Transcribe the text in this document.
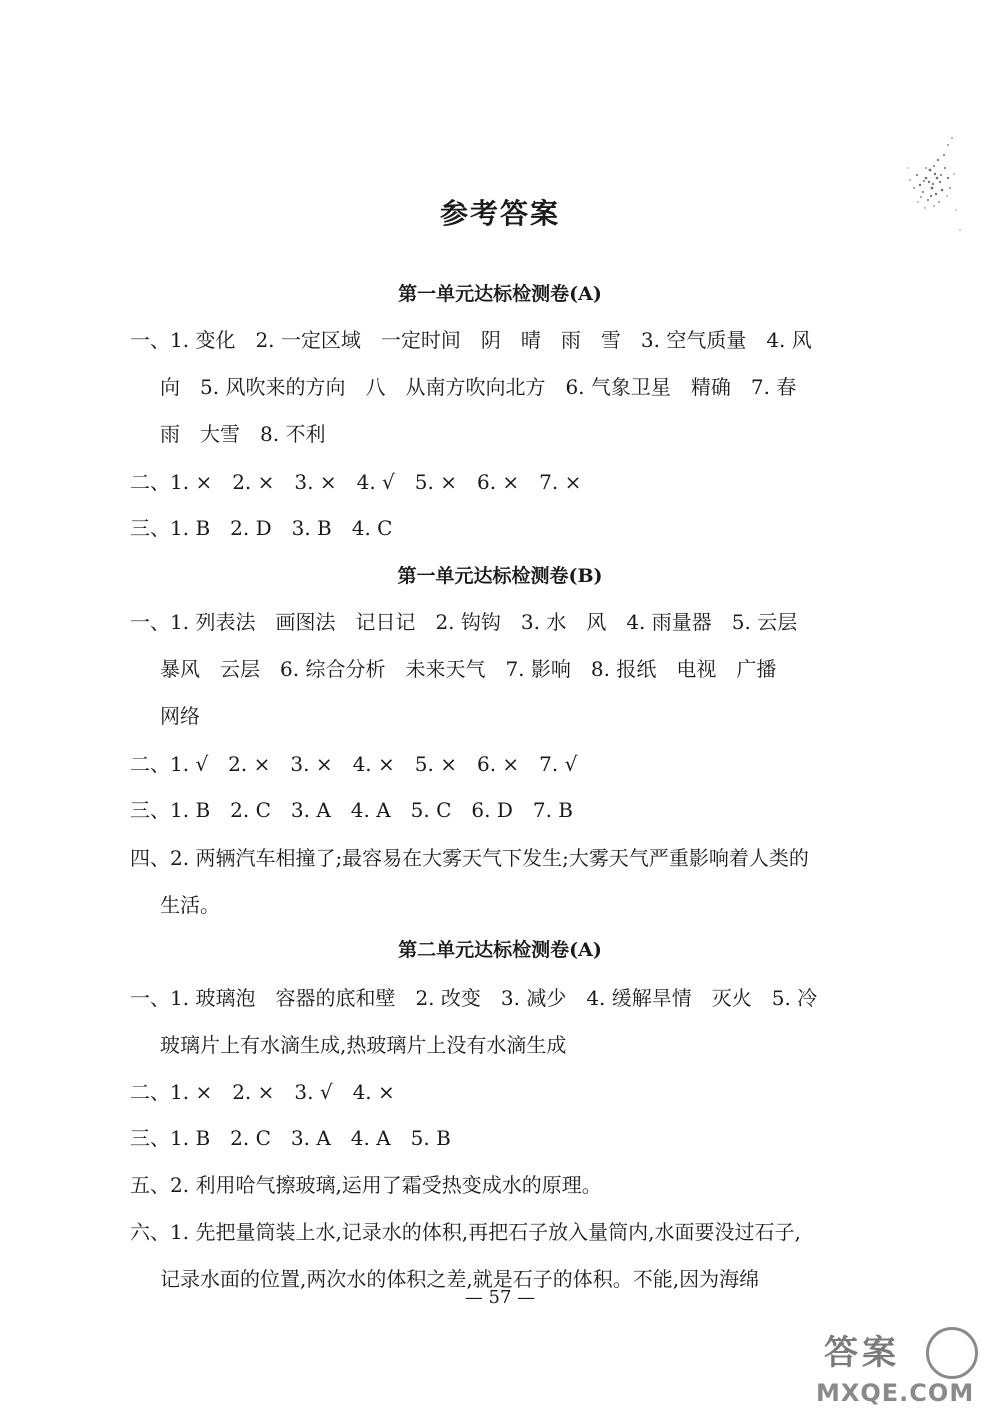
参考答案
第一单元达标检测卷(A)
一、1. 变化　2. 一定区域　一定时间　阴　晴　雨　雪　3. 空气质量　4. 风
向　5. 风吹来的方向　八　从南方吹向北方　6. 气象卫星　精确　7. 春
雨　大雪　8. 不利
二、1. ×　2. ×　3. ×　4. √　5. ×　6. ×　7. ×
三、1. B　2. D　3. B　4. C
第一单元达标检测卷(B)
一、1. 列表法　画图法　记日记　2. 钩钩　3. 水　风　4. 雨量器　5. 云层
暴风　云层　6. 综合分析　未来天气　7. 影响　8. 报纸　电视　广播
网络
二、1. √　2. ×　3. ×　4. ×　5. ×　6. ×　7. √
三、1. B　2. C　3. A　4. A　5. C　6. D　7. B
四、2. 两辆汽车相撞了;最容易在大雾天气下发生;大雾天气严重影响着人类的
生活。
第二单元达标检测卷(A)
一、1. 玻璃泡　容器的底和壁　2. 改变　3. 减少　4. 缓解旱情　灭火　5. 冷
玻璃片上有水滴生成,热玻璃片上没有水滴生成
二、1. ×　2. ×　3. √　4. ×
三、1. B　2. C　3. A　4. A　5. B
五、2. 利用哈气擦玻璃,运用了霜受热变成水的原理。
六、1. 先把量筒装上水,记录水的体积,再把石子放入量筒内,水面要没过石子,
记录水面的位置,两次水的体积之差,就是石子的体积。不能,因为海绵
— 57 —
答案
MXQE.COM
